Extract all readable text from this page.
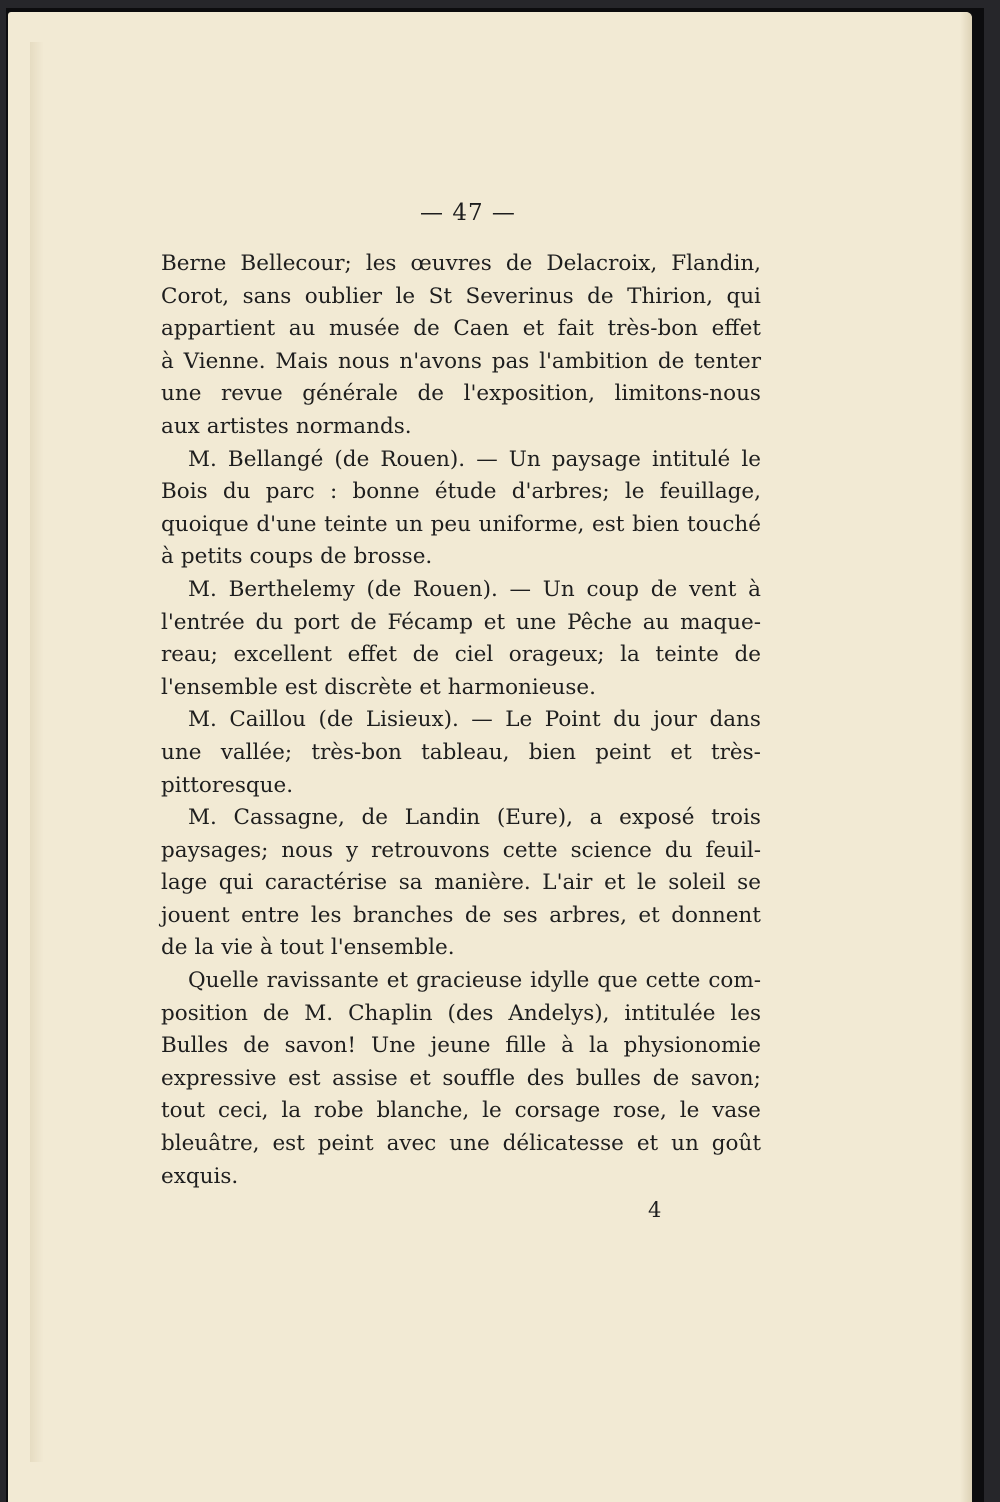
— 47 —
Berne Bellecour; les œuvres de Delacroix, Flandin,
Corot, sans oublier le St Severinus de Thirion, qui
appartient au musée de Caen et fait très-bon effet
à Vienne. Mais nous n'avons pas l'ambition de tenter
une revue générale de l'exposition, limitons-nous
aux artistes normands.
M. Bellangé (de Rouen). — Un paysage intitulé le
Bois du parc : bonne étude d'arbres; le feuillage,
quoique d'une teinte un peu uniforme, est bien touché
à petits coups de brosse.
M. Berthelemy (de Rouen). — Un coup de vent à
l'entrée du port de Fécamp et une Pêche au maque-
reau; excellent effet de ciel orageux; la teinte de
l'ensemble est discrète et harmonieuse.
M. Caillou (de Lisieux). — Le Point du jour dans
une vallée; très-bon tableau, bien peint et très-
pittoresque.
M. Cassagne, de Landin (Eure), a exposé trois
paysages; nous y retrouvons cette science du feuil-
lage qui caractérise sa manière. L'air et le soleil se
jouent entre les branches de ses arbres, et donnent
de la vie à tout l'ensemble.
Quelle ravissante et gracieuse idylle que cette com-
position de M. Chaplin (des Andelys), intitulée les
Bulles de savon! Une jeune fille à la physionomie
expressive est assise et souffle des bulles de savon;
tout ceci, la robe blanche, le corsage rose, le vase
bleuâtre, est peint avec une délicatesse et un goût
exquis.
4
